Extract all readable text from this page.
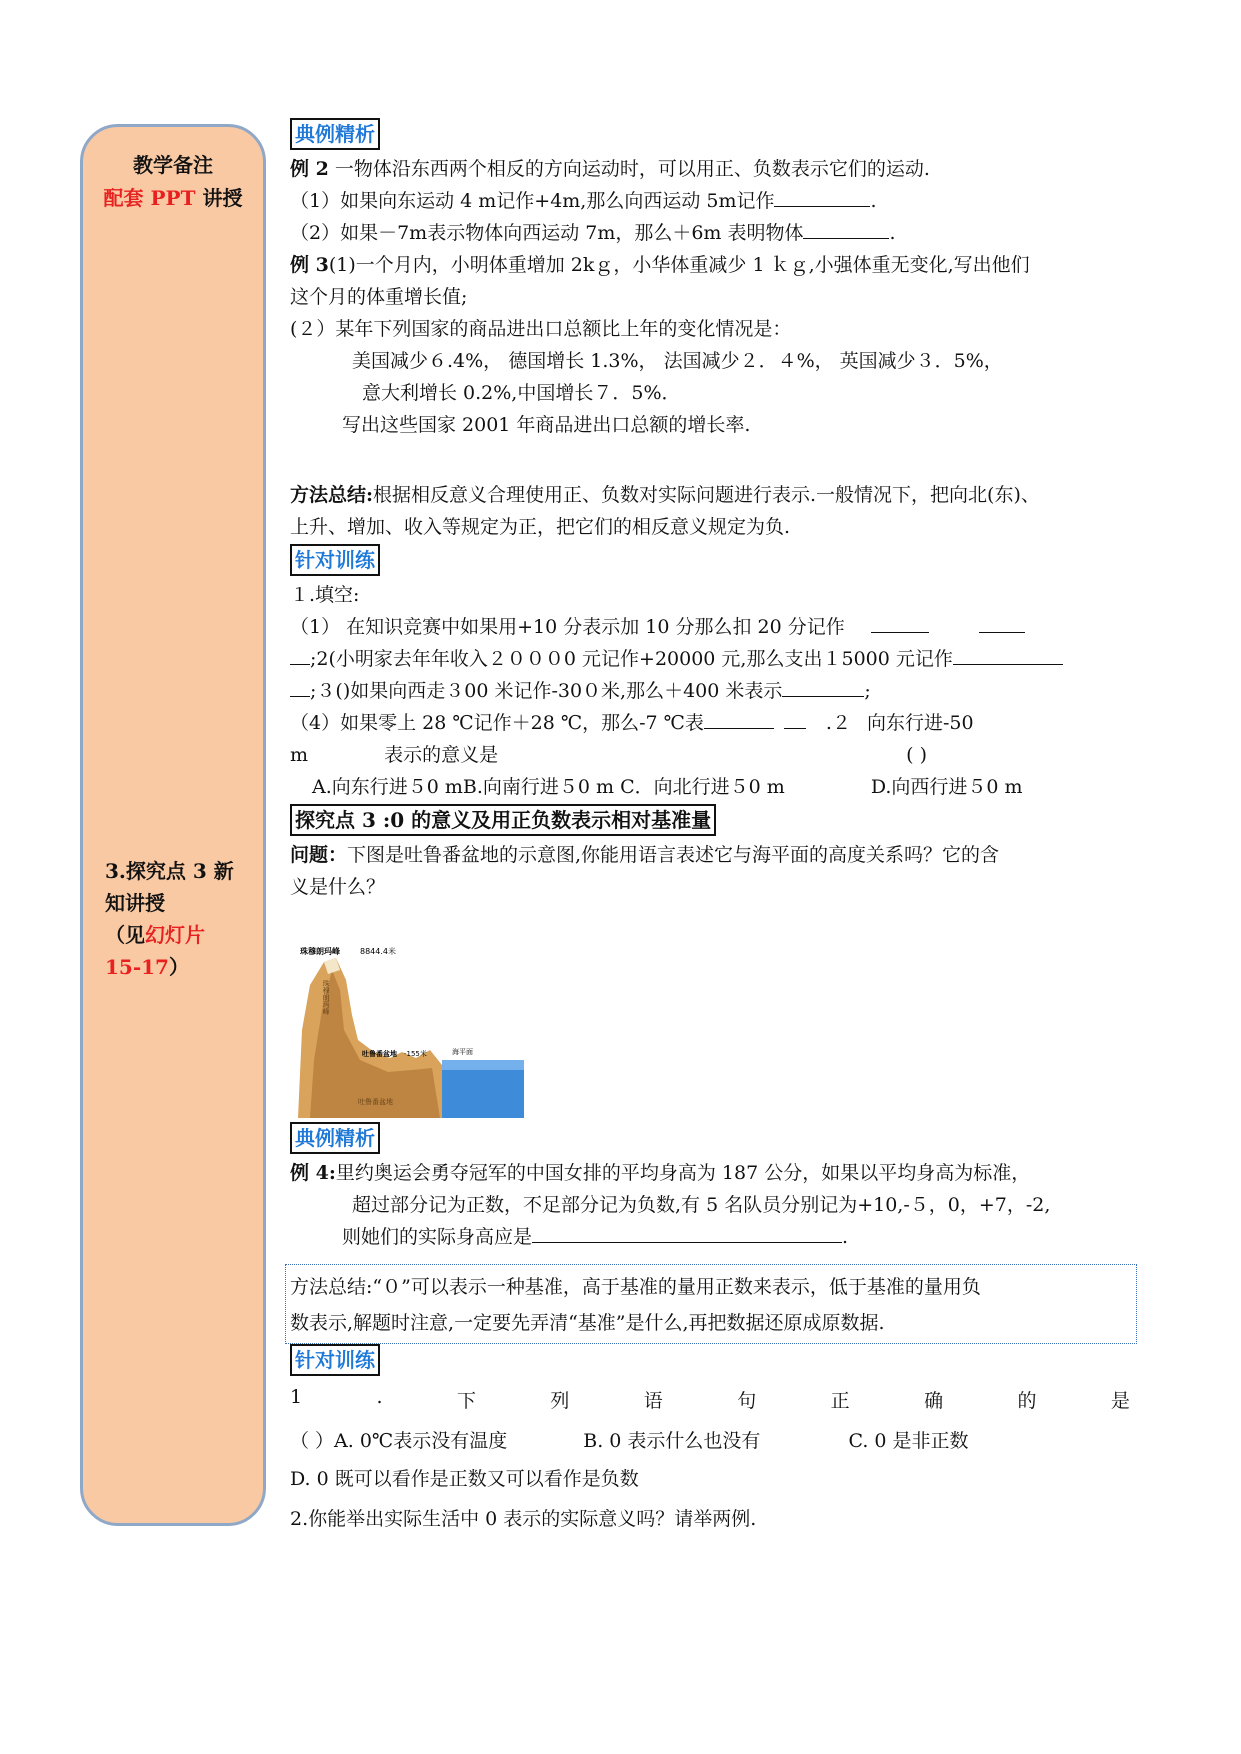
教学备注
配套 PPT 讲授
3.探究点 3 新
知讲授
（见幻灯片
15-17）
典例精析
例 2 一物体沿东西两个相反的方向运动时，可以用正、负数表示它们的运动.
（1）如果向东运动 4 m记作+4m,那么向西运动 5m记作	.
（2）如果－7m表示物体向西运动 7m，那么＋6m 表明物体	.
例 3(1)一个月内，小明体重增加 2kｇ，小华体重减少 1 ｋｇ,小强体重无变化,写出他们
这个月的体重增长值;
(２）某年下列国家的商品进出口总额比上年的变化情况是：
美国减少６.4%， 德国增长 1.3%， 法国减少２．４%， 英国减少３．5%，
意大利增长 0.2%,中国增长７．5%．
写出这些国家 2001 年商品进出口总额的增长率.
方法总结:根据相反意义合理使用正、负数对实际问题进行表示.一般情况下，把向北(东)、
上升、增加、收入等规定为正，把它们的相反意义规定为负.
针对训练
１.填空:
（1） 在知识竞赛中如果用+10 分表示加 10 分那么扣 20 分记作
;2(小明家去年年收入２０００0 元记作+20000 元,那么支出１5000 元记作
;３()如果向西走３00 米记作-30０米,那么＋400 米表示	;
（4）如果零上 28 ℃记作＋28 ℃，那么-7 ℃表	.２ 向东行进-50
m	表示的意义是	( )
A.向东行进５0 mB.向南行进５0 m C．向北行进５0 m	D.向西行进５0 m
探究点 3 :0 的意义及用正负数表示相对基准量
问题：下图是吐鲁番盆地的示意图,你能用语言表述它与海平面的高度关系吗？它的含
义是什么？
典例精析
例 4:里约奥运会勇夺冠军的中国女排的平均身高为 187 公分，如果以平均身高为标准，
超过部分记为正数，不足部分记为负数,有 5 名队员分别记为+10,-５，0，+7，-2,
则她们的实际身高应是	.
方法总结:“０”可以表示一种基准，高于基准的量用正数来表示，低于基准的量用负
数表示,解题时注意,一定要先弄清“基准”是什么,再把数据还原成原数据.
针对训练
1	.	下	列	语	句	正	确	的	是
（ ）A. 0℃表示没有温度	B. 0 表示什么也没有	C. 0 是非正数
D. 0 既可以看作是正数又可以看作是负数
2.你能举出实际生活中 0 表示的实际意义吗？请举两例.
珠穆朗玛峰	8844.4米
珠穆朗玛峰
吐鲁番盆地 -155米	海平面
吐鲁番盆地
